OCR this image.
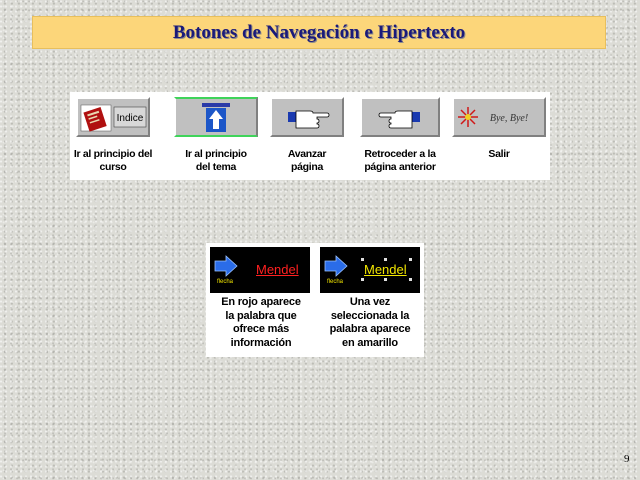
Botones de Navegación e Hipertexto
Indice
Ir al principio del
curso
Ir al principio
del tema
Avanzar
página
Retroceder a la
página anterior
Bye, Bye!
Salir
flecha
Mendel
En rojo aparece
la palabra que
ofrece más
información
flecha
Mendel
Una vez
seleccionada la
palabra aparece
en amarillo
9
